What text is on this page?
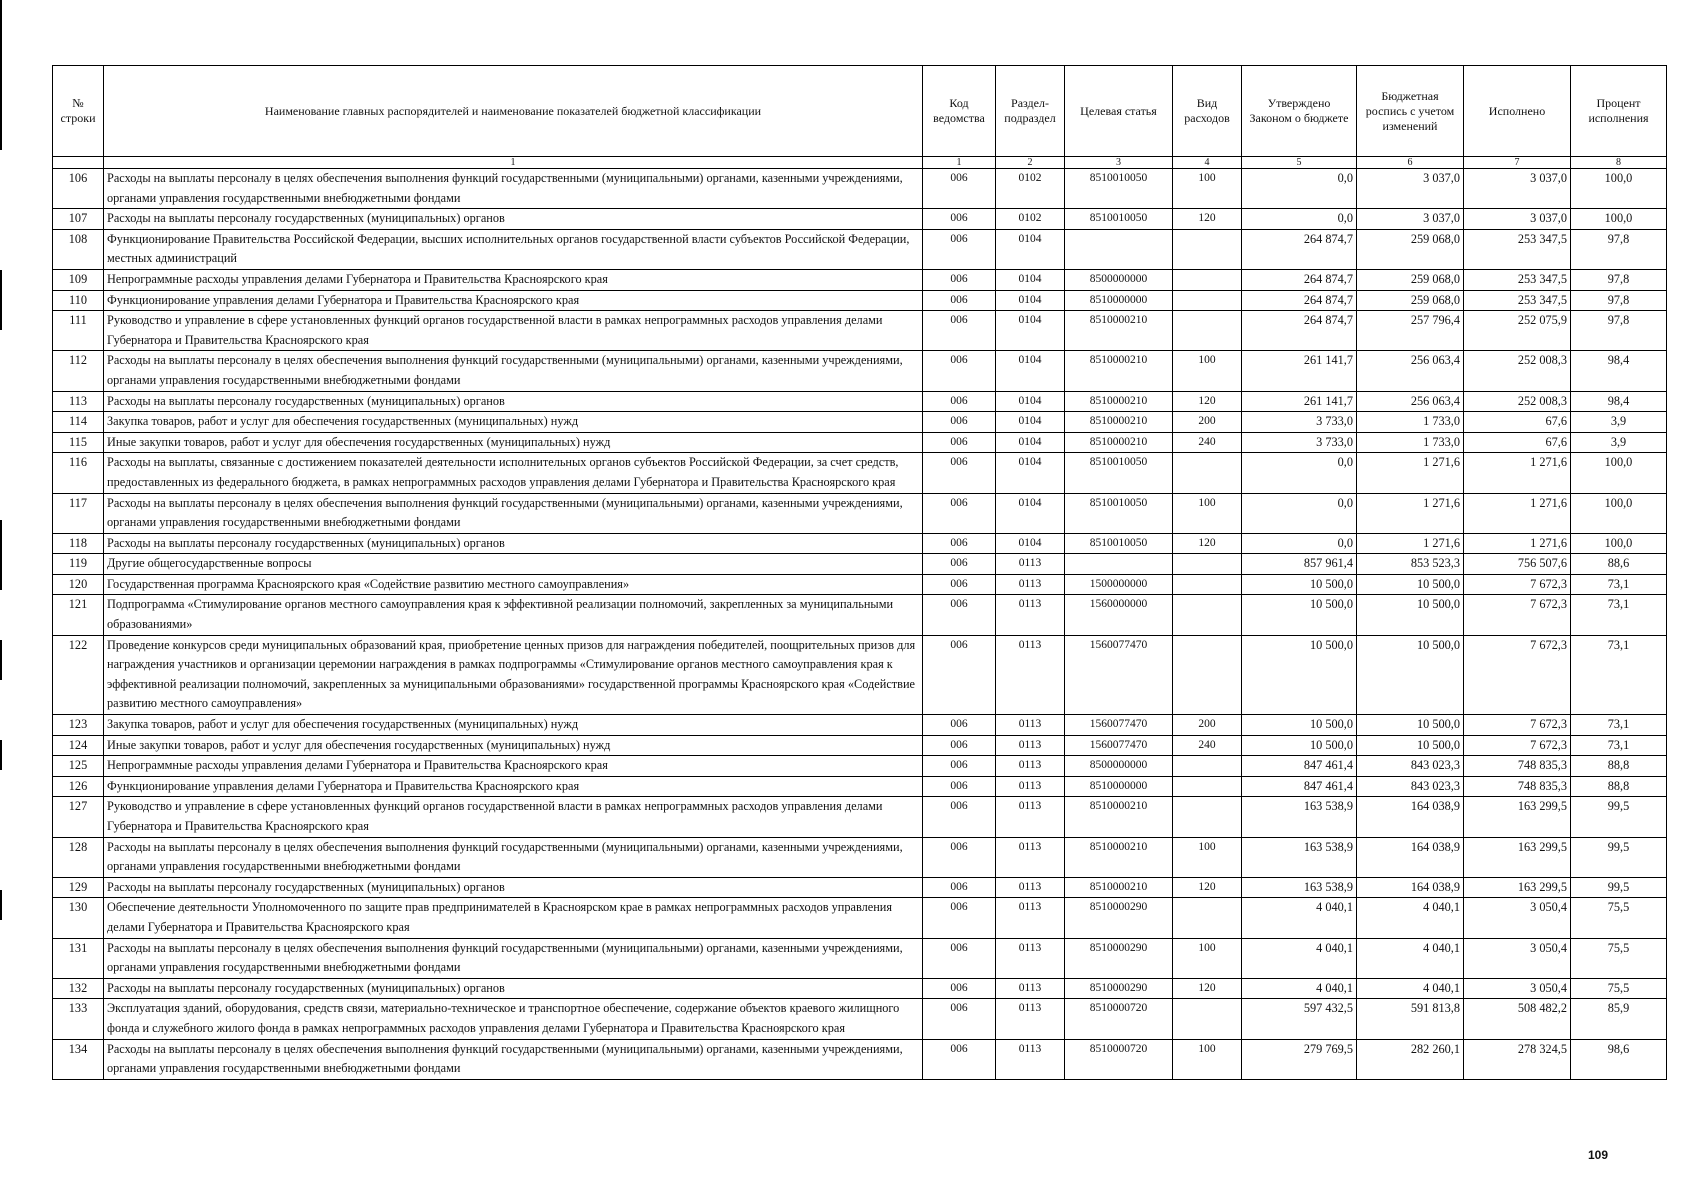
№ строки	Наименование главных распорядителей и наименование показателей бюджетной классификации	Код ведомства	Раздел-подраздел	Целевая статья	Вид расходов	Утверждено Законом о бюджете	Бюджетная роспись с учетом изменений	Исполнено	Процент исполнения
	1	1	2	3	4	5	6	7	8
106	Расходы на выплаты персоналу в целях обеспечения выполнения функций государственными (муниципальными) органами, казенными учреждениями, органами управления государственными внебюджетными фондами	006	0102	8510010050	100	0,0	3 037,0	3 037,0	100,0
107	Расходы на выплаты персоналу государственных (муниципальных) органов	006	0102	8510010050	120	0,0	3 037,0	3 037,0	100,0
108	Функционирование Правительства Российской Федерации, высших исполнительных органов государственной власти субъектов Российской Федерации, местных администраций	006	0104			264 874,7	259 068,0	253 347,5	97,8
109	Непрограммные расходы управления делами Губернатора и Правительства Красноярского края	006	0104	8500000000		264 874,7	259 068,0	253 347,5	97,8
110	Функционирование управления делами Губернатора и Правительства Красноярского края	006	0104	8510000000		264 874,7	259 068,0	253 347,5	97,8
111	Руководство и управление в сфере установленных функций органов государственной власти в рамках непрограммных расходов управления делами Губернатора и Правительства Красноярского края	006	0104	8510000210		264 874,7	257 796,4	252 075,9	97,8
112	Расходы на выплаты персоналу в целях обеспечения выполнения функций государственными (муниципальными) органами, казенными учреждениями, органами управления государственными внебюджетными фондами	006	0104	8510000210	100	261 141,7	256 063,4	252 008,3	98,4
113	Расходы на выплаты персоналу государственных (муниципальных) органов	006	0104	8510000210	120	261 141,7	256 063,4	252 008,3	98,4
114	Закупка товаров, работ и услуг для обеспечения государственных (муниципальных) нужд	006	0104	8510000210	200	3 733,0	1 733,0	67,6	3,9
115	Иные закупки товаров, работ и услуг для обеспечения государственных (муниципальных) нужд	006	0104	8510000210	240	3 733,0	1 733,0	67,6	3,9
116	Расходы на выплаты, связанные с достижением показателей деятельности исполнительных органов субъектов Российской Федерации, за счет средств, предоставленных из федерального бюджета, в рамках непрограммных расходов управления делами Губернатора и Правительства Красноярского края	006	0104	8510010050		0,0	1 271,6	1 271,6	100,0
117	Расходы на выплаты персоналу в целях обеспечения выполнения функций государственными (муниципальными) органами, казенными учреждениями, органами управления государственными внебюджетными фондами	006	0104	8510010050	100	0,0	1 271,6	1 271,6	100,0
118	Расходы на выплаты персоналу государственных (муниципальных) органов	006	0104	8510010050	120	0,0	1 271,6	1 271,6	100,0
119	Другие общегосударственные вопросы	006	0113			857 961,4	853 523,3	756 507,6	88,6
120	Государственная программа Красноярского края «Содействие развитию местного самоуправления»	006	0113	1500000000		10 500,0	10 500,0	7 672,3	73,1
121	Подпрограмма «Стимулирование органов местного самоуправления края к эффективной реализации полномочий, закрепленных за муниципальными образованиями»	006	0113	1560000000		10 500,0	10 500,0	7 672,3	73,1
122	Проведение конкурсов среди муниципальных образований края, приобретение ценных призов для награждения победителей, поощрительных призов для награждения участников и организации церемонии награждения в рамках подпрограммы «Стимулирование органов местного самоуправления края к эффективной реализации полномочий, закрепленных за муниципальными образованиями» государственной программы Красноярского края «Содействие развитию местного самоуправления»	006	0113	1560077470		10 500,0	10 500,0	7 672,3	73,1
123	Закупка товаров, работ и услуг для обеспечения государственных (муниципальных) нужд	006	0113	1560077470	200	10 500,0	10 500,0	7 672,3	73,1
124	Иные закупки товаров, работ и услуг для обеспечения государственных (муниципальных) нужд	006	0113	1560077470	240	10 500,0	10 500,0	7 672,3	73,1
125	Непрограммные расходы управления делами Губернатора и Правительства Красноярского края	006	0113	8500000000		847 461,4	843 023,3	748 835,3	88,8
126	Функционирование управления делами Губернатора и Правительства Красноярского края	006	0113	8510000000		847 461,4	843 023,3	748 835,3	88,8
127	Руководство и управление в сфере установленных функций органов государственной власти в рамках непрограммных расходов управления делами Губернатора и Правительства Красноярского края	006	0113	8510000210		163 538,9	164 038,9	163 299,5	99,5
128	Расходы на выплаты персоналу в целях обеспечения выполнения функций государственными (муниципальными) органами, казенными учреждениями, органами управления государственными внебюджетными фондами	006	0113	8510000210	100	163 538,9	164 038,9	163 299,5	99,5
129	Расходы на выплаты персоналу государственных (муниципальных) органов	006	0113	8510000210	120	163 538,9	164 038,9	163 299,5	99,5
130	Обеспечение деятельности Уполномоченного по защите прав предпринимателей в Красноярском крае в рамках непрограммных расходов управления делами Губернатора и Правительства Красноярского края	006	0113	8510000290		4 040,1	4 040,1	3 050,4	75,5
131	Расходы на выплаты персоналу в целях обеспечения выполнения функций государственными (муниципальными) органами, казенными учреждениями, органами управления государственными внебюджетными фондами	006	0113	8510000290	100	4 040,1	4 040,1	3 050,4	75,5
132	Расходы на выплаты персоналу государственных (муниципальных) органов	006	0113	8510000290	120	4 040,1	4 040,1	3 050,4	75,5
133	Эксплуатация зданий, оборудования, средств связи, материально-техническое и транспортное обеспечение, содержание объектов краевого жилищного фонда и служебного жилого фонда в рамках непрограммных расходов управления делами Губернатора и Правительства Красноярского края	006	0113	8510000720		597 432,5	591 813,8	508 482,2	85,9
134	Расходы на выплаты персоналу в целях обеспечения выполнения функций государственными (муниципальными) органами, казенными учреждениями, органами управления государственными внебюджетными фондами	006	0113	8510000720	100	279 769,5	282 260,1	278 324,5	98,6
109
